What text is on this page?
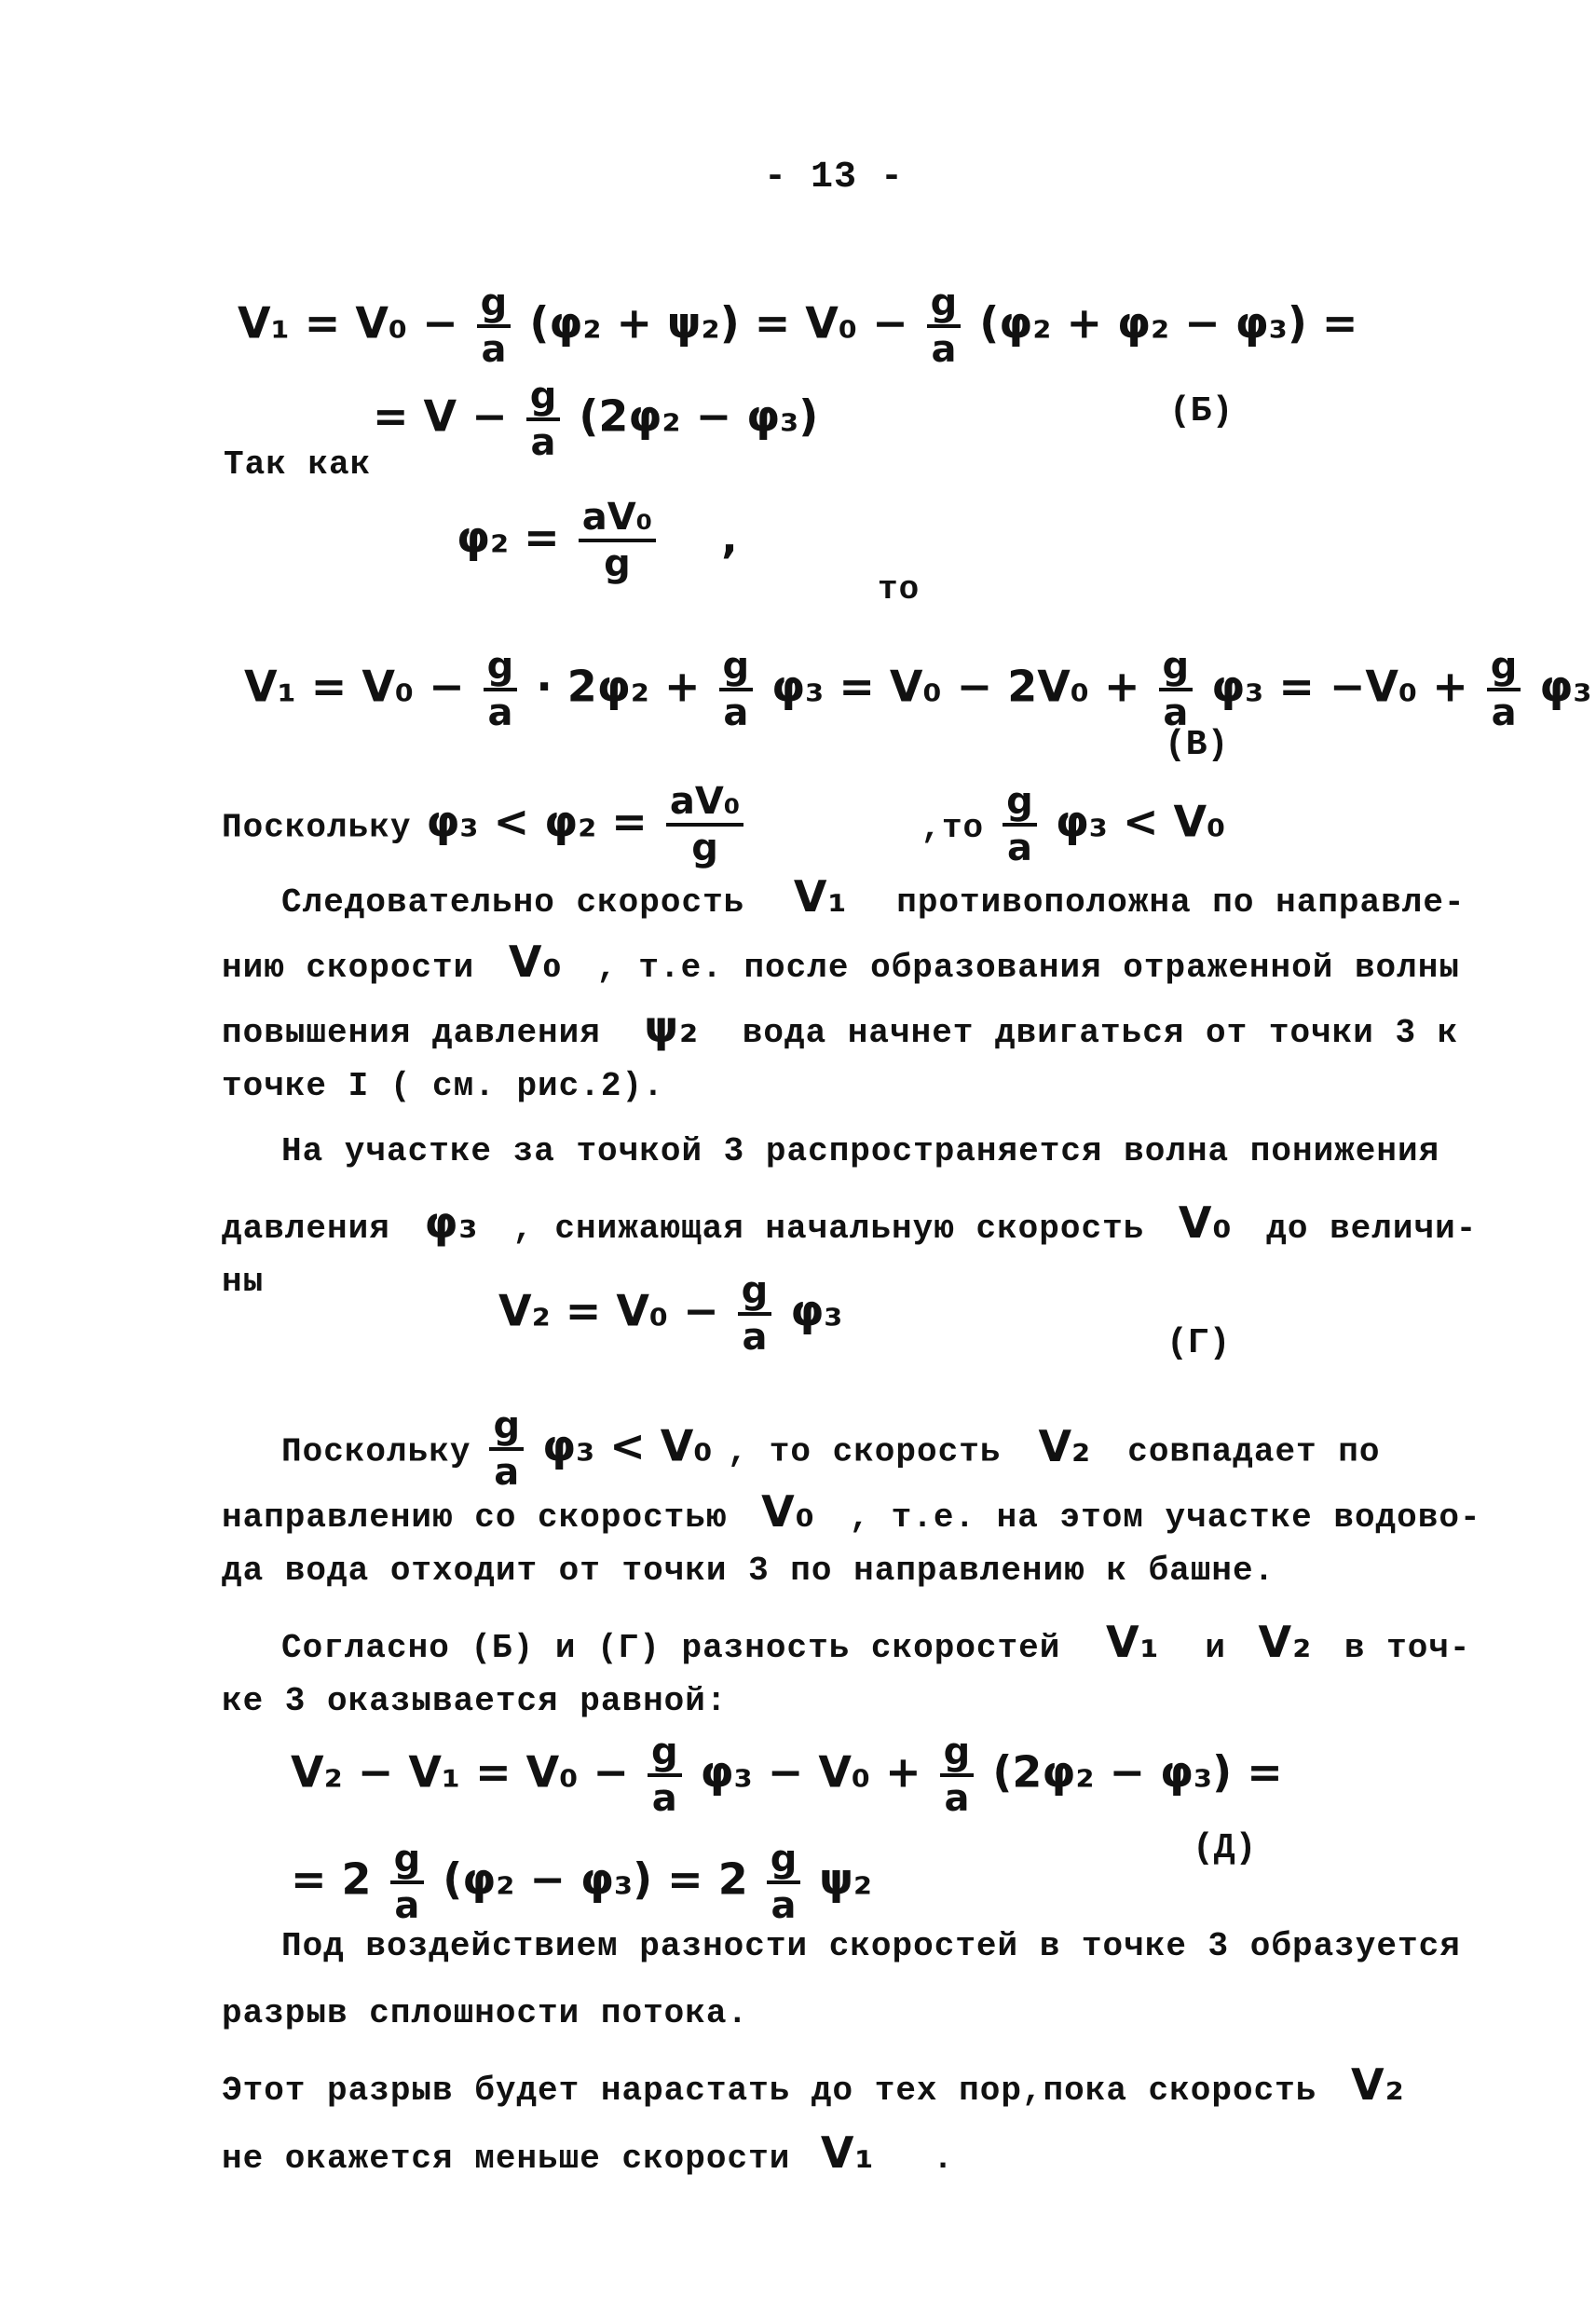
- 13 -
$V_1 = V_0 - \frac{g}{a} (\varphi_2 + \psi_2) = V_0 - \frac{g}{a} (\varphi_2 + \varphi_2 - \varphi_3)$ =
= $V - \frac{g}{a} (2\varphi_2 - \varphi_3)$	(Б)
Так как
$\varphi_2 = \frac{\text{aV₀}}{g}$ ,
то
$V_1 = V_0 - \frac{g}{a} \cdot 2\varphi_2 + \frac{g}{a} \varphi_3 = V_0 - 2V_0 + \frac{g}{a} \varphi_3 = -V_0 + \frac{g}{a} \varphi_3$
(В)
Поскольку $\varphi_3 < \varphi_2 = \frac{\text{aV₀}}{g}$	$,то \frac{g}{a} \varphi_3 < V_0$
Следовательно скорость V₁ противоположна по направле-
нию скорости V₀ , т.е. после образования отраженной волны
повышения давления ψ₂ вода начнет двигаться от точки 3 к
точке I ( см. рис.2).
На участке за точкой 3 распространяется волна понижения
давления φ₃ , снижающая начальную скорость V₀ до величи-
ны
$V_2 = V_0 - \frac{g}{a} \varphi_3$
(Г)
Поскольку $\frac{g}{a} \varphi_3 < V_0$ , то скорость V₂ совпадает по
направлению со скоростью V₀ , т.е. на этом участке водово-
да вода отходит от точки 3 по направлению к башне.
Согласно (Б) и (Г) разность скоростей V₁ и V₂ в точ-
ке 3 оказывается равной:
$V_2 - V_1 = V_0 - \frac{g}{a} \varphi_3 - V_0 + \frac{g}{a} (2\varphi_2 - \varphi_3)$ =
= $2 \frac{g}{a} (\varphi_2 - \varphi_3) = 2 \frac{g}{a} \psi_2$
(Д)
Под воздействием разности скоростей в точке 3 образуется
разрыв сплошности потока.
Этот разрыв будет нарастать до тех пор,пока скорость V₂
не окажется меньше скорости V₁ .
